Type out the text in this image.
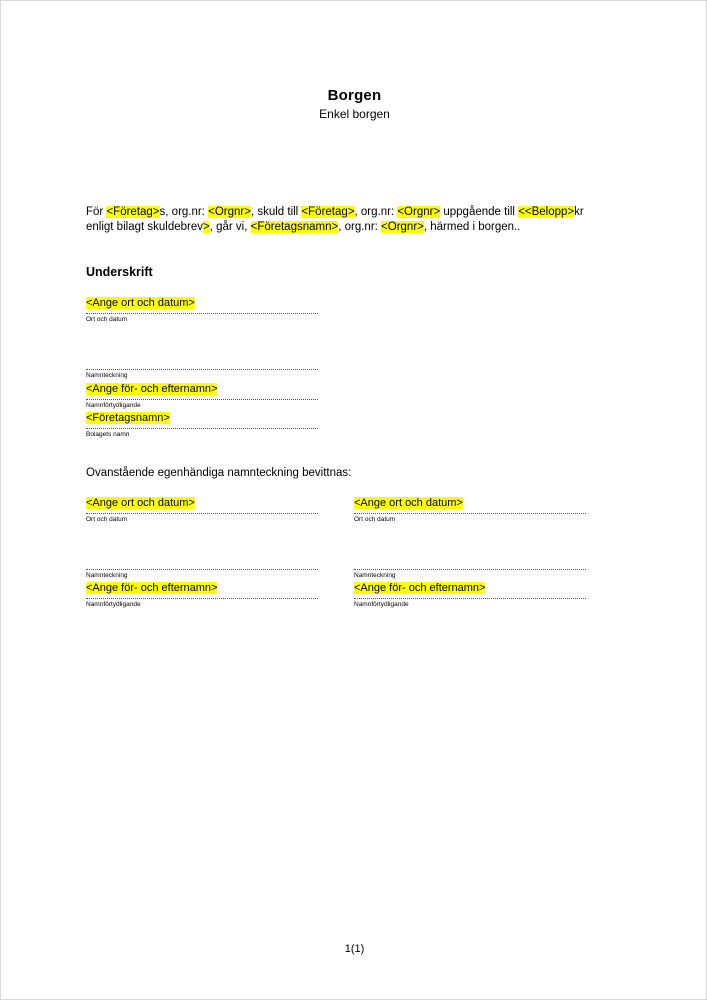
Borgen
Enkel borgen
För <Företag>s, org.nr: <Orgnr>, skuld till <Företag>, org.nr: <Orgnr> uppgående till <<Belopp>kr enligt bilagt skuldebrev>, går vi, <Företagsnamn>, org.nr: <Orgnr>, härmed i borgen..
Underskrift
<Ange ort och datum>
Ort och datum
Namnteckning
<Ange för- och efternamn>
Namnförtydligande
<Företagsnamn>
Bolagets namn
Ovanstående egenhändiga namnteckning bevittnas:
<Ange ort och datum>
Ort och datum
<Ange ort och datum>
Ort och datum
Namnteckning	Namnteckning
<Ange för- och efternamn>
Namnförtydligande
<Ange för- och efternamn>
Namnförtydligande
1(1)
